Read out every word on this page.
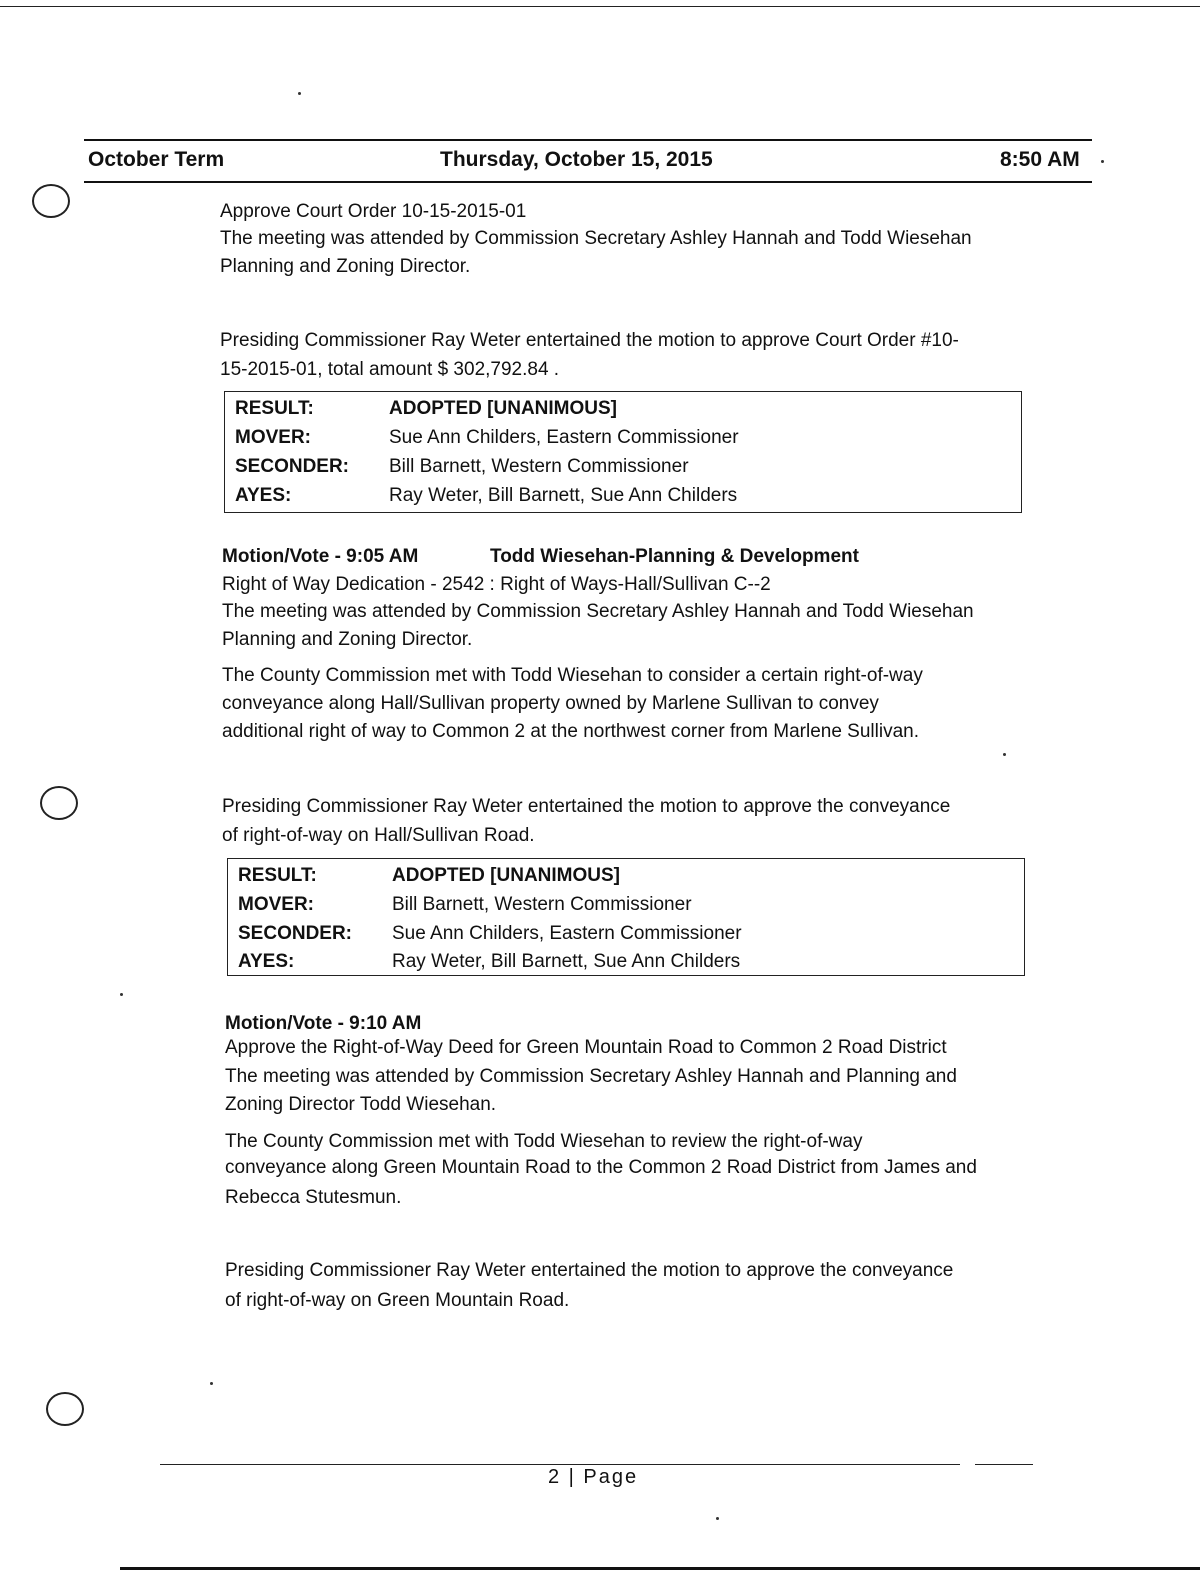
October Term	Thursday, October 15, 2015	8:50 AM
Approve Court Order 10-15-2015-01
The meeting was attended by Commission Secretary Ashley Hannah and Todd Wiesehan
Planning and Zoning Director.
Presiding Commissioner Ray Weter entertained the motion to approve Court Order #10-
15-2015-01, total amount $ 302,792.84 .
RESULT:	ADOPTED [UNANIMOUS]
MOVER:	Sue Ann Childers, Eastern Commissioner
SECONDER: Bill Barnett, Western Commissioner
AYES:	Ray Weter, Bill Barnett, Sue Ann Childers
Motion/Vote - 9:05 AM	Todd Wiesehan-Planning & Development
Right of Way Dedication - 2542 : Right of Ways-Hall/Sullivan C--2
The meeting was attended by Commission Secretary Ashley Hannah and Todd Wiesehan
Planning and Zoning Director.
The County Commission met with Todd Wiesehan to consider a certain right-of-way
conveyance along Hall/Sullivan property owned by Marlene Sullivan to convey
additional right of way to Common 2 at the northwest corner from Marlene Sullivan.
Presiding Commissioner Ray Weter entertained the motion to approve the conveyance
of right-of-way on Hall/Sullivan Road.
RESULT:	ADOPTED [UNANIMOUS]
MOVER:	Bill Barnett, Western Commissioner
SECONDER: Sue Ann Childers, Eastern Commissioner
AYES:	Ray Weter, Bill Barnett, Sue Ann Childers
Motion/Vote - 9:10 AM
Approve the Right-of-Way Deed for Green Mountain Road to Common 2 Road District
The meeting was attended by Commission Secretary Ashley Hannah and Planning and
Zoning Director Todd Wiesehan.
The County Commission met with Todd Wiesehan to review the right-of-way
conveyance along Green Mountain Road to the Common 2 Road District from James and
Rebecca Stutesmun.
Presiding Commissioner Ray Weter entertained the motion to approve the conveyance
of right-of-way on Green Mountain Road.
2 | Page
